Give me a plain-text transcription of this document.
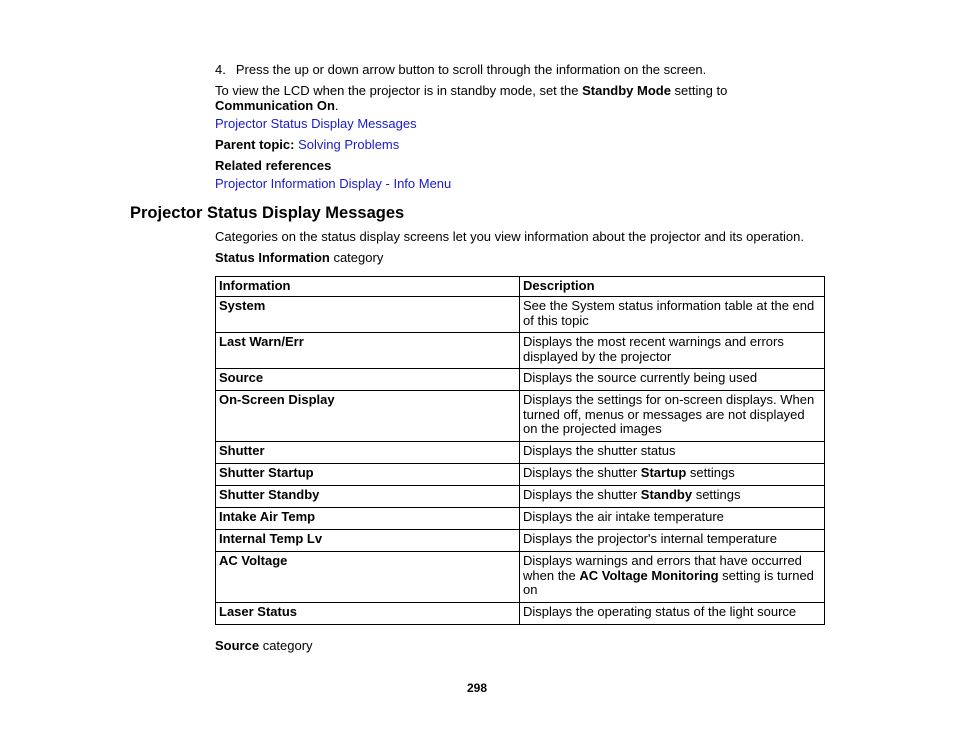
4. Press the up or down arrow button to scroll through the information on the screen.
To view the LCD when the projector is in standby mode, set the Standby Mode setting to
Communication On.
Projector Status Display Messages
Parent topic: Solving Problems
Related references
Projector Information Display - Info Menu
Projector Status Display Messages
Categories on the status display screens let you view information about the projector and its operation.
Status Information category
Information	Description
System	See the System status information table at the end of this topic
Last Warn/Err	Displays the most recent warnings and errors displayed by the projector
Source	Displays the source currently being used
On-Screen Display	Displays the settings for on-screen displays. When turned off, menus or messages are not displayed on the projected images
Shutter	Displays the shutter status
Shutter Startup	Displays the shutter Startup settings
Shutter Standby	Displays the shutter Standby settings
Intake Air Temp	Displays the air intake temperature
Internal Temp Lv	Displays the projector's internal temperature
AC Voltage	Displays warnings and errors that have occurred when the AC Voltage Monitoring setting is turned on
Laser Status	Displays the operating status of the light source
Source category
298
